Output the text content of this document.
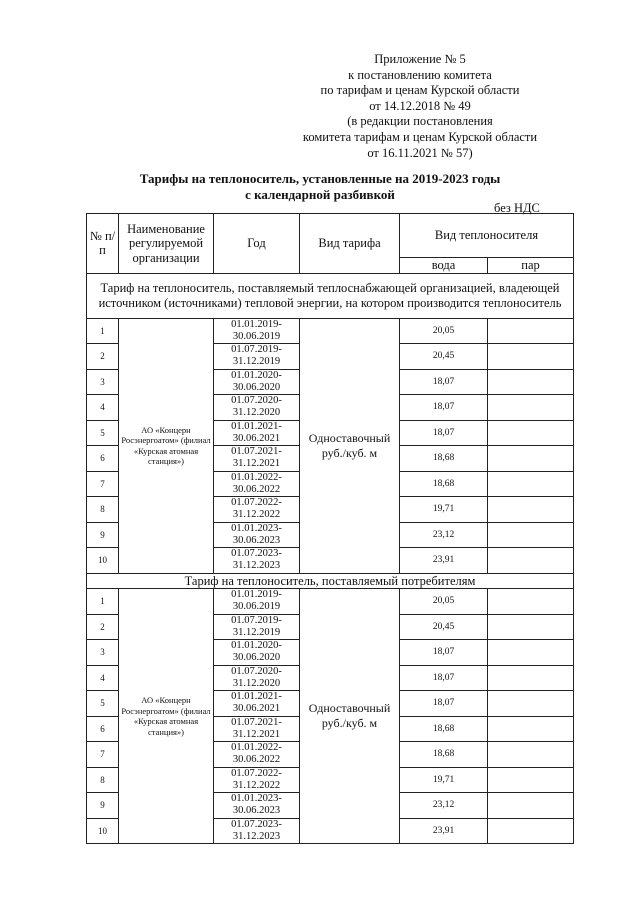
Приложение № 5
к постановлению комитета
по тарифам и ценам Курской области
от 14.12.2018 № 49
(в редакции постановления
комитета тарифам и ценам Курской области
от 16.11.2021 № 57)
Тарифы на теплоноситель, установленные на 2019-2023 годы
с календарной разбивкой
без НДС
№ п/п	Наименование регулируемой организации	Год	Вид тарифа	Вид теплоносителя	
				вода	пар
Тариф на теплоноситель, поставляемый теплоснабжающей организацией, владеющей источником (источниками) тепловой энергии, на котором производится теплоноситель					
1	АО «Концерн Росэнергоатом» (филиал «Курская атомная станция»)	01.01.2019-30.06.2019	Одноставочный руб./куб. м	20,05	
2		01.07.2019-31.12.2019		20,45	
3		01.01.2020-30.06.2020		18,07	
4		01.07.2020-31.12.2020		18,07	
5		01.01.2021-30.06.2021		18,07	
6		01.07.2021-31.12.2021		18,68	
7		01.01.2022-30.06.2022		18,68	
8		01.07.2022-31.12.2022		19,71	
9		01.01.2023-30.06.2023		23,12	
10		01.07.2023-31.12.2023		23,91	
Тариф на теплоноситель, поставляемый потребителям					
1	АО «Концерн Росэнергоатом» (филиал «Курская атомная станция»)	01.01.2019-30.06.2019	Одноставочный руб./куб. м	20,05	
2		01.07.2019-31.12.2019		20,45	
3		01.01.2020-30.06.2020		18,07	
4		01.07.2020-31.12.2020		18,07	
5		01.01.2021-30.06.2021		18,07	
6		01.07.2021-31.12.2021		18,68	
7		01.01.2022-30.06.2022		18,68	
8		01.07.2022-31.12.2022		19,71	
9		01.01.2023-30.06.2023		23,12	
10		01.07.2023-31.12.2023		23,91	
